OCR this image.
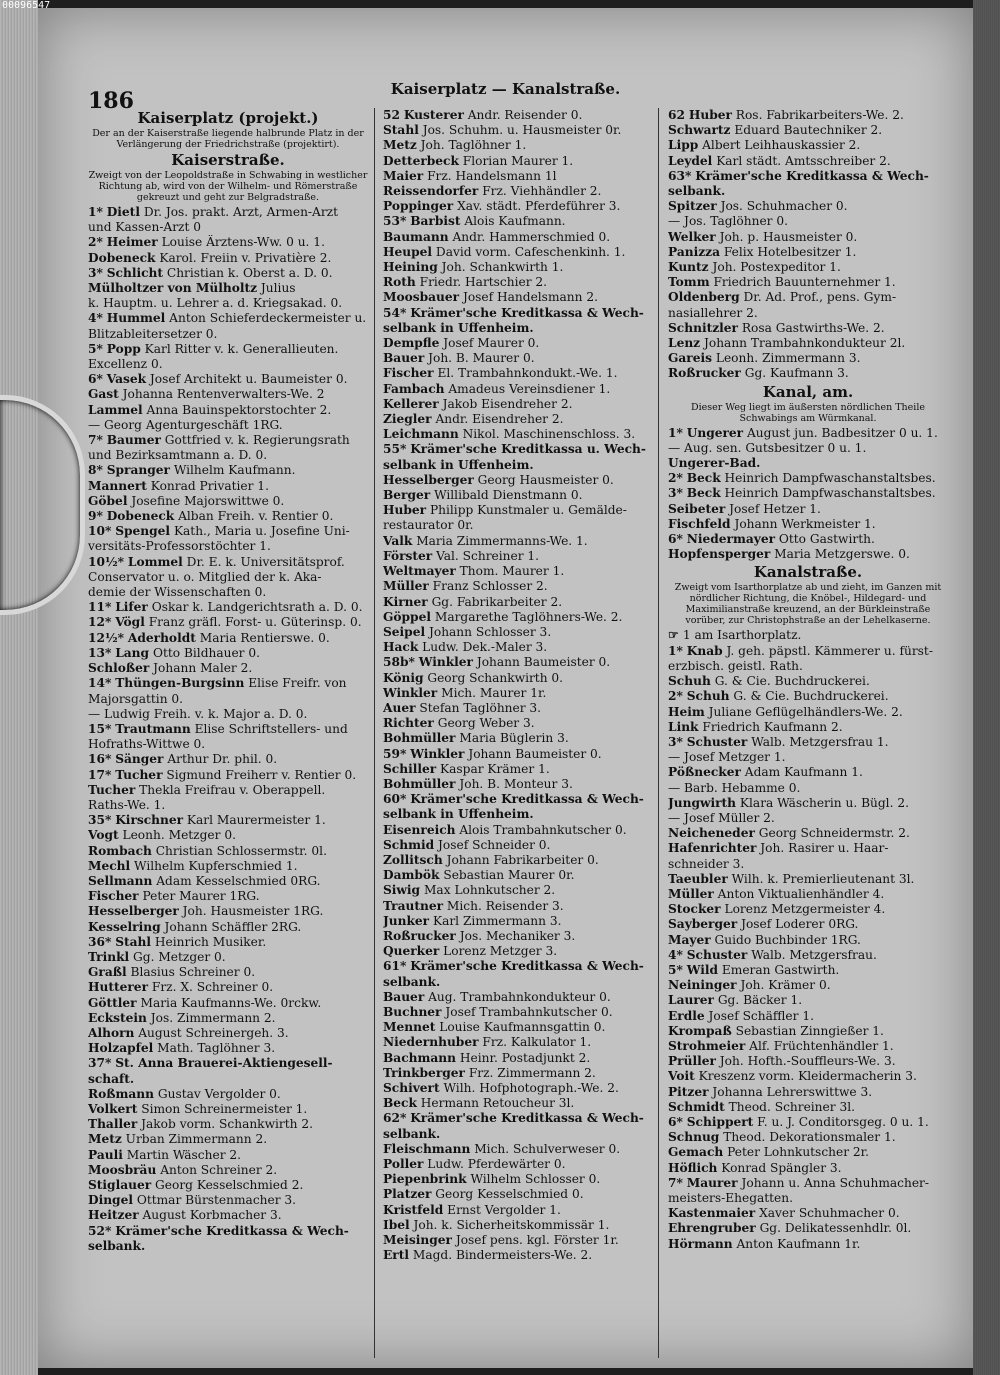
186	Kaiserplatz — Kanalstraße.
Kaiserplatz (projekt.)
Der an der Kaiserstraße liegende halbrunde Platz in der Verlängerung der Friedrichstraße (projektirt).
Kaiserstraße.
Zweigt von der Leopoldstraße in Schwabing in westlicher Richtung ab, wird von der Wilhelm- und Römerstraße gekreuzt und geht zur Belgradstraße.
1* Dietl Dr. Jos. prakt. Arzt, Armen-Arzt
und Kassen-Arzt 0
2* Heimer Louise Ärztens-Ww. 0 u. 1.
Dobeneck Karol. Freiin v. Privatière 2.
3* Schlicht Christian k. Oberst a. D. 0.
Mülholtzer von Mülholtz Julius
k. Hauptm. u. Lehrer a. d. Kriegsakad. 0.
4* Hummel Anton Schieferdeckermeister u.
Blitzableitersetzer 0.
5* Popp Karl Ritter v. k. Generallieuten.
Excellenz 0.
6* Vasek Josef Architekt u. Baumeister 0.
Gast Johanna Rentenverwalters-We. 2
Lammel Anna Bauinspektorstochter 2.
— Georg Agenturgeschäft 1RG.
7* Baumer Gottfried v. k. Regierungsrath
und Bezirksamtmann a. D. 0.
8* Spranger Wilhelm Kaufmann.
Mannert Konrad Privatier 1.
Göbel Josefine Majorswittwe 0.
9* Dobeneck Alban Freih. v. Rentier 0.
10* Spengel Kath., Maria u. Josefine Uni-
versitäts-Professorstöchter 1.
10½* Lommel Dr. E. k. Universitätsprof.
Conservator u. o. Mitglied der k. Aka-
demie der Wissenschaften 0.
11* Lifer Oskar k. Landgerichtsrath a. D. 0.
12* Vögl Franz gräfl. Forst- u. Güterinsp. 0.
12½* Aderholdt Maria Rentierswe. 0.
13* Lang Otto Bildhauer 0.
Schloßer Johann Maler 2.
14* Thüngen-Burgsinn Elise Freifr. von
Majorsgattin 0.
— Ludwig Freih. v. k. Major a. D. 0.
15* Trautmann Elise Schriftstellers- und
Hofraths-Wittwe 0.
16* Sänger Arthur Dr. phil. 0.
17* Tucher Sigmund Freiherr v. Rentier 0.
Tucher Thekla Freifrau v. Oberappell.
Raths-We. 1.
35* Kirschner Karl Maurermeister 1.
Vogt Leonh. Metzger 0.
Rombach Christian Schlossermstr. 0l.
Mechl Wilhelm Kupferschmied 1.
Sellmann Adam Kesselschmied 0RG.
Fischer Peter Maurer 1RG.
Hesselberger Joh. Hausmeister 1RG.
Kesselring Johann Schäffler 2RG.
36* Stahl Heinrich Musiker.
Trinkl Gg. Metzger 0.
Graßl Blasius Schreiner 0.
Hutterer Frz. X. Schreiner 0.
Göttler Maria Kaufmanns-We. 0rckw.
Eckstein Jos. Zimmermann 2.
Alhorn August Schreinergeh. 3.
Holzapfel Math. Taglöhner 3.
37* St. Anna Brauerei-Aktiengesell-
schaft.
Roßmann Gustav Vergolder 0.
Volkert Simon Schreinermeister 1.
Thaller Jakob vorm. Schankwirth 2.
Metz Urban Zimmermann 2.
Pauli Martin Wäscher 2.
Moosbräu Anton Schreiner 2.
Stiglauer Georg Kesselschmied 2.
Dingel Ottmar Bürstenmacher 3.
Heitzer August Korbmacher 3.
52* Krämer'sche Kreditkassa & Wech-
selbank.
52 Kusterer Andr. Reisender 0.
Stahl Jos. Schuhm. u. Hausmeister 0r.
Metz Joh. Taglöhner 1.
Detterbeck Florian Maurer 1.
Maier Frz. Handelsmann 1l
Reissendorfer Frz. Viehhändler 2.
Poppinger Xav. städt. Pferdeführer 3.
53* Barbist Alois Kaufmann.
Baumann Andr. Hammerschmied 0.
Heupel David vorm. Cafeschenkinh. 1.
Heining Joh. Schankwirth 1.
Roth Friedr. Hartschier 2.
Moosbauer Josef Handelsmann 2.
54* Krämer'sche Kreditkassa & Wech-
selbank in Uffenheim.
Dempfle Josef Maurer 0.
Bauer Joh. B. Maurer 0.
Fischer El. Trambahnkondukt.-We. 1.
Fambach Amadeus Vereinsdiener 1.
Kellerer Jakob Eisendreher 2.
Ziegler Andr. Eisendreher 2.
Leichmann Nikol. Maschinenschloss. 3.
55* Krämer'sche Kreditkassa u. Wech-
selbank in Uffenheim.
Hesselberger Georg Hausmeister 0.
Berger Willibald Dienstmann 0.
Huber Philipp Kunstmaler u. Gemälde-
restaurator 0r.
Valk Maria Zimmermanns-We. 1.
Förster Val. Schreiner 1.
Weltmayer Thom. Maurer 1.
Müller Franz Schlosser 2.
Kirner Gg. Fabrikarbeiter 2.
Göppel Margarethe Taglöhners-We. 2.
Seipel Johann Schlosser 3.
Hack Ludw. Dek.-Maler 3.
58b* Winkler Johann Baumeister 0.
König Georg Schankwirth 0.
Winkler Mich. Maurer 1r.
Auer Stefan Taglöhner 3.
Richter Georg Weber 3.
Bohmüller Maria Büglerin 3.
59* Winkler Johann Baumeister 0.
Schiller Kaspar Krämer 1.
Bohmüller Joh. B. Monteur 3.
60* Krämer'sche Kreditkassa & Wech-
selbank in Uffenheim.
Eisenreich Alois Trambahnkutscher 0.
Schmid Josef Schneider 0.
Zollitsch Johann Fabrikarbeiter 0.
Dambök Sebastian Maurer 0r.
Siwig Max Lohnkutscher 2.
Trautner Mich. Reisender 3.
Junker Karl Zimmermann 3.
Roßrucker Jos. Mechaniker 3.
Querker Lorenz Metzger 3.
61* Krämer'sche Kreditkassa & Wech-
selbank.
Bauer Aug. Trambahnkondukteur 0.
Buchner Josef Trambahnkutscher 0.
Mennet Louise Kaufmannsgattin 0.
Niedernhuber Frz. Kalkulator 1.
Bachmann Heinr. Postadjunkt 2.
Trinkberger Frz. Zimmermann 2.
Schivert Wilh. Hofphotograph.-We. 2.
Beck Hermann Retoucheur 3l.
62* Krämer'sche Kreditkassa & Wech-
selbank.
Fleischmann Mich. Schulverweser 0.
Poller Ludw. Pferdewärter 0.
Piepenbrink Wilhelm Schlosser 0.
Platzer Georg Kesselschmied 0.
Kristfeld Ernst Vergolder 1.
Ibel Joh. k. Sicherheitskommissär 1.
Meisinger Josef pens. kgl. Förster 1r.
Ertl Magd. Bindermeisters-We. 2.
62 Huber Ros. Fabrikarbeiters-We. 2.
Schwartz Eduard Bautechniker 2.
Lipp Albert Leihhauskassier 2.
Leydel Karl städt. Amtsschreiber 2.
63* Krämer'sche Kreditkassa & Wech-
selbank.
Spitzer Jos. Schuhmacher 0.
— Jos. Taglöhner 0.
Welker Joh. p. Hausmeister 0.
Panizza Felix Hotelbesitzer 1.
Kuntz Joh. Postexpeditor 1.
Tomm Friedrich Bauunternehmer 1.
Oldenberg Dr. Ad. Prof., pens. Gym-
nasiallehrer 2.
Schnitzler Rosa Gastwirths-We. 2.
Lenz Johann Trambahnkondukteur 2l.
Gareis Leonh. Zimmermann 3.
Roßrucker Gg. Kaufmann 3.
Kanal, am.
Dieser Weg liegt im äußersten nördlichen Theile Schwabings am Würmkanal.
1* Ungerer August jun. Badbesitzer 0 u. 1.
— Aug. sen. Gutsbesitzer 0 u. 1.
Ungerer-Bad.
2* Beck Heinrich Dampfwaschanstaltsbes.
3* Beck Heinrich Dampfwaschanstaltsbes.
Seibeter Josef Hetzer 1.
Fischfeld Johann Werkmeister 1.
6* Niedermayer Otto Gastwirth.
Hopfensperger Maria Metzgerswe. 0.
Kanalstraße.
Zweigt vom Isarthorplatze ab und zieht, im Ganzen mit nördlicher Richtung, die Knöbel-, Hildegard- und Maximilianstraße kreuzend, an der Bürkleinstraße vorüber, zur Christophstraße an der Lehelkaserne.
☞ 1 am Isarthorplatz.
1* Knab J. geh. päpstl. Kämmerer u. fürst-
erzbisch. geistl. Rath.
Schuh G. & Cie. Buchdruckerei.
2* Schuh G. & Cie. Buchdruckerei.
Heim Juliane Geflügelhändlers-We. 2.
Link Friedrich Kaufmann 2.
3* Schuster Walb. Metzgersfrau 1.
— Josef Metzger 1.
Pößnecker Adam Kaufmann 1.
— Barb. Hebamme 0.
Jungwirth Klara Wäscherin u. Bügl. 2.
— Josef Müller 2.
Neicheneder Georg Schneidermstr. 2.
Hafenrichter Joh. Rasirer u. Haar-
schneider 3.
Taeubler Wilh. k. Premierlieutenant 3l.
Müller Anton Viktualienhändler 4.
Stocker Lorenz Metzgermeister 4.
Sayberger Josef Loderer 0RG.
Mayer Guido Buchbinder 1RG.
4* Schuster Walb. Metzgersfrau.
5* Wild Emeran Gastwirth.
Neininger Joh. Krämer 0.
Laurer Gg. Bäcker 1.
Erdle Josef Schäffler 1.
Krompaß Sebastian Zinngießer 1.
Strohmeier Alf. Früchtenhändler 1.
Prüller Joh. Hofth.-Souffleurs-We. 3.
Voit Kreszenz vorm. Kleidermacherin 3.
Pitzer Johanna Lehrerswittwe 3.
Schmidt Theod. Schreiner 3l.
6* Schippert F. u. J. Conditorsgeg. 0 u. 1.
Schnug Theod. Dekorationsmaler 1.
Gemach Peter Lohnkutscher 2r.
Höflich Konrad Spängler 3.
7* Maurer Johann u. Anna Schuhmacher-
meisters-Ehegatten.
Kastenmaier Xaver Schuhmacher 0.
Ehrengruber Gg. Delikatessenhdlr. 0l.
Hörmann Anton Kaufmann 1r.
00096547
